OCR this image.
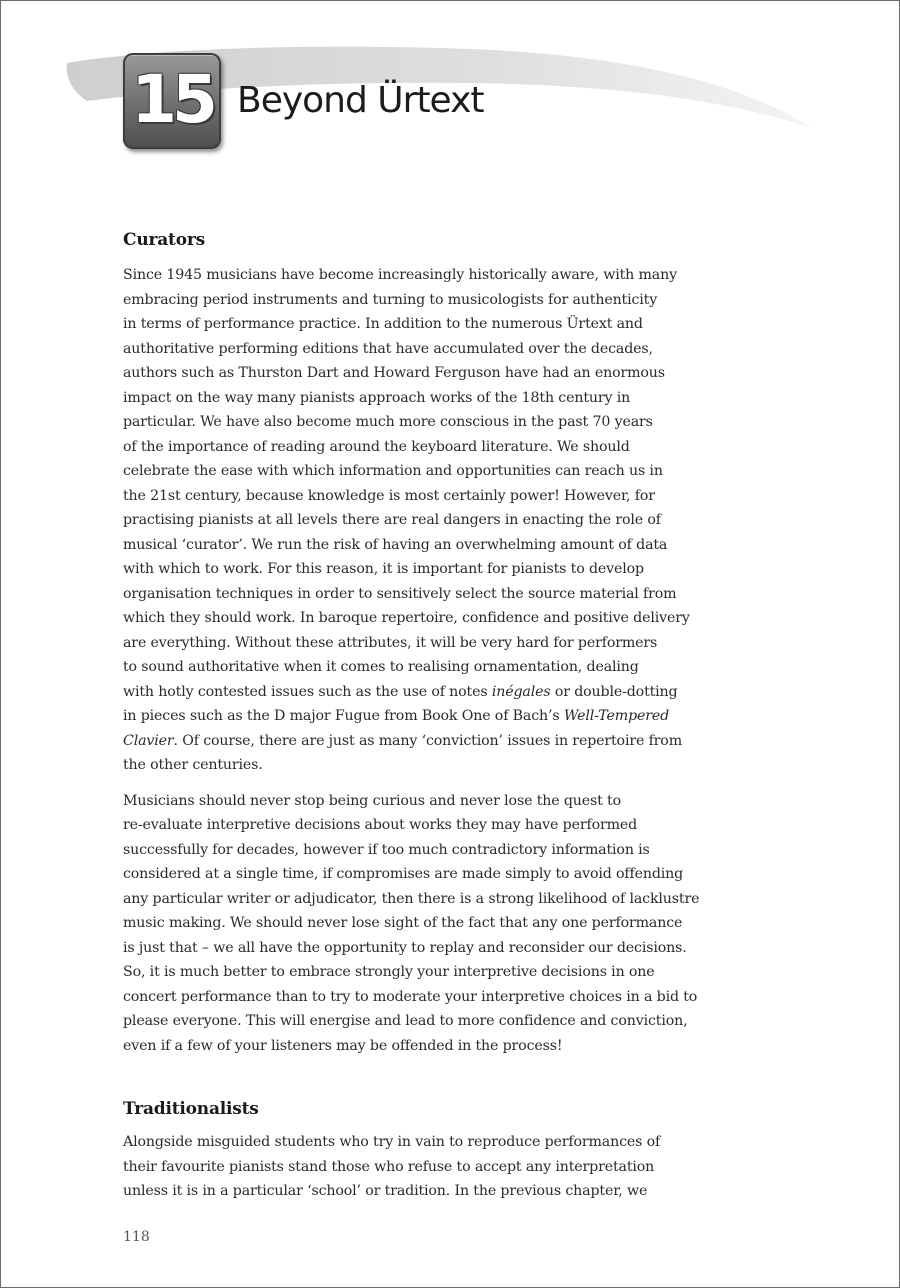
15 Beyond Ürtext
Curators
Since 1945 musicians have become increasingly historically aware, with many
embracing period instruments and turning to musicologists for authenticity
in terms of performance practice. In addition to the numerous Ürtext and
authoritative performing editions that have accumulated over the decades,
authors such as Thurston Dart and Howard Ferguson have had an enormous
impact on the way many pianists approach works of the 18th century in
particular. We have also become much more conscious in the past 70 years
of the importance of reading around the keyboard literature. We should
celebrate the ease with which information and opportunities can reach us in
the 21st century, because knowledge is most certainly power! However, for
practising pianists at all levels there are real dangers in enacting the role of
musical ‘curator’. We run the risk of having an overwhelming amount of data
with which to work. For this reason, it is important for pianists to develop
organisation techniques in order to sensitively select the source material from
which they should work. In baroque repertoire, confidence and positive delivery
are everything. Without these attributes, it will be very hard for performers
to sound authoritative when it comes to realising ornamentation, dealing
with hotly contested issues such as the use of notes inégales or double-dotting
in pieces such as the D major Fugue from Book One of Bach’s Well-Tempered
Clavier. Of course, there are just as many ‘conviction’ issues in repertoire from
the other centuries.
Musicians should never stop being curious and never lose the quest to
re-evaluate interpretive decisions about works they may have performed
successfully for decades, however if too much contradictory information is
considered at a single time, if compromises are made simply to avoid offending
any particular writer or adjudicator, then there is a strong likelihood of lacklustre
music making. We should never lose sight of the fact that any one performance
is just that – we all have the opportunity to replay and reconsider our decisions.
So, it is much better to embrace strongly your interpretive decisions in one
concert performance than to try to moderate your interpretive choices in a bid to
please everyone. This will energise and lead to more confidence and conviction,
even if a few of your listeners may be offended in the process!
Traditionalists
Alongside misguided students who try in vain to reproduce performances of
their favourite pianists stand those who refuse to accept any interpretation
unless it is in a particular ‘school’ or tradition. In the previous chapter, we
118
